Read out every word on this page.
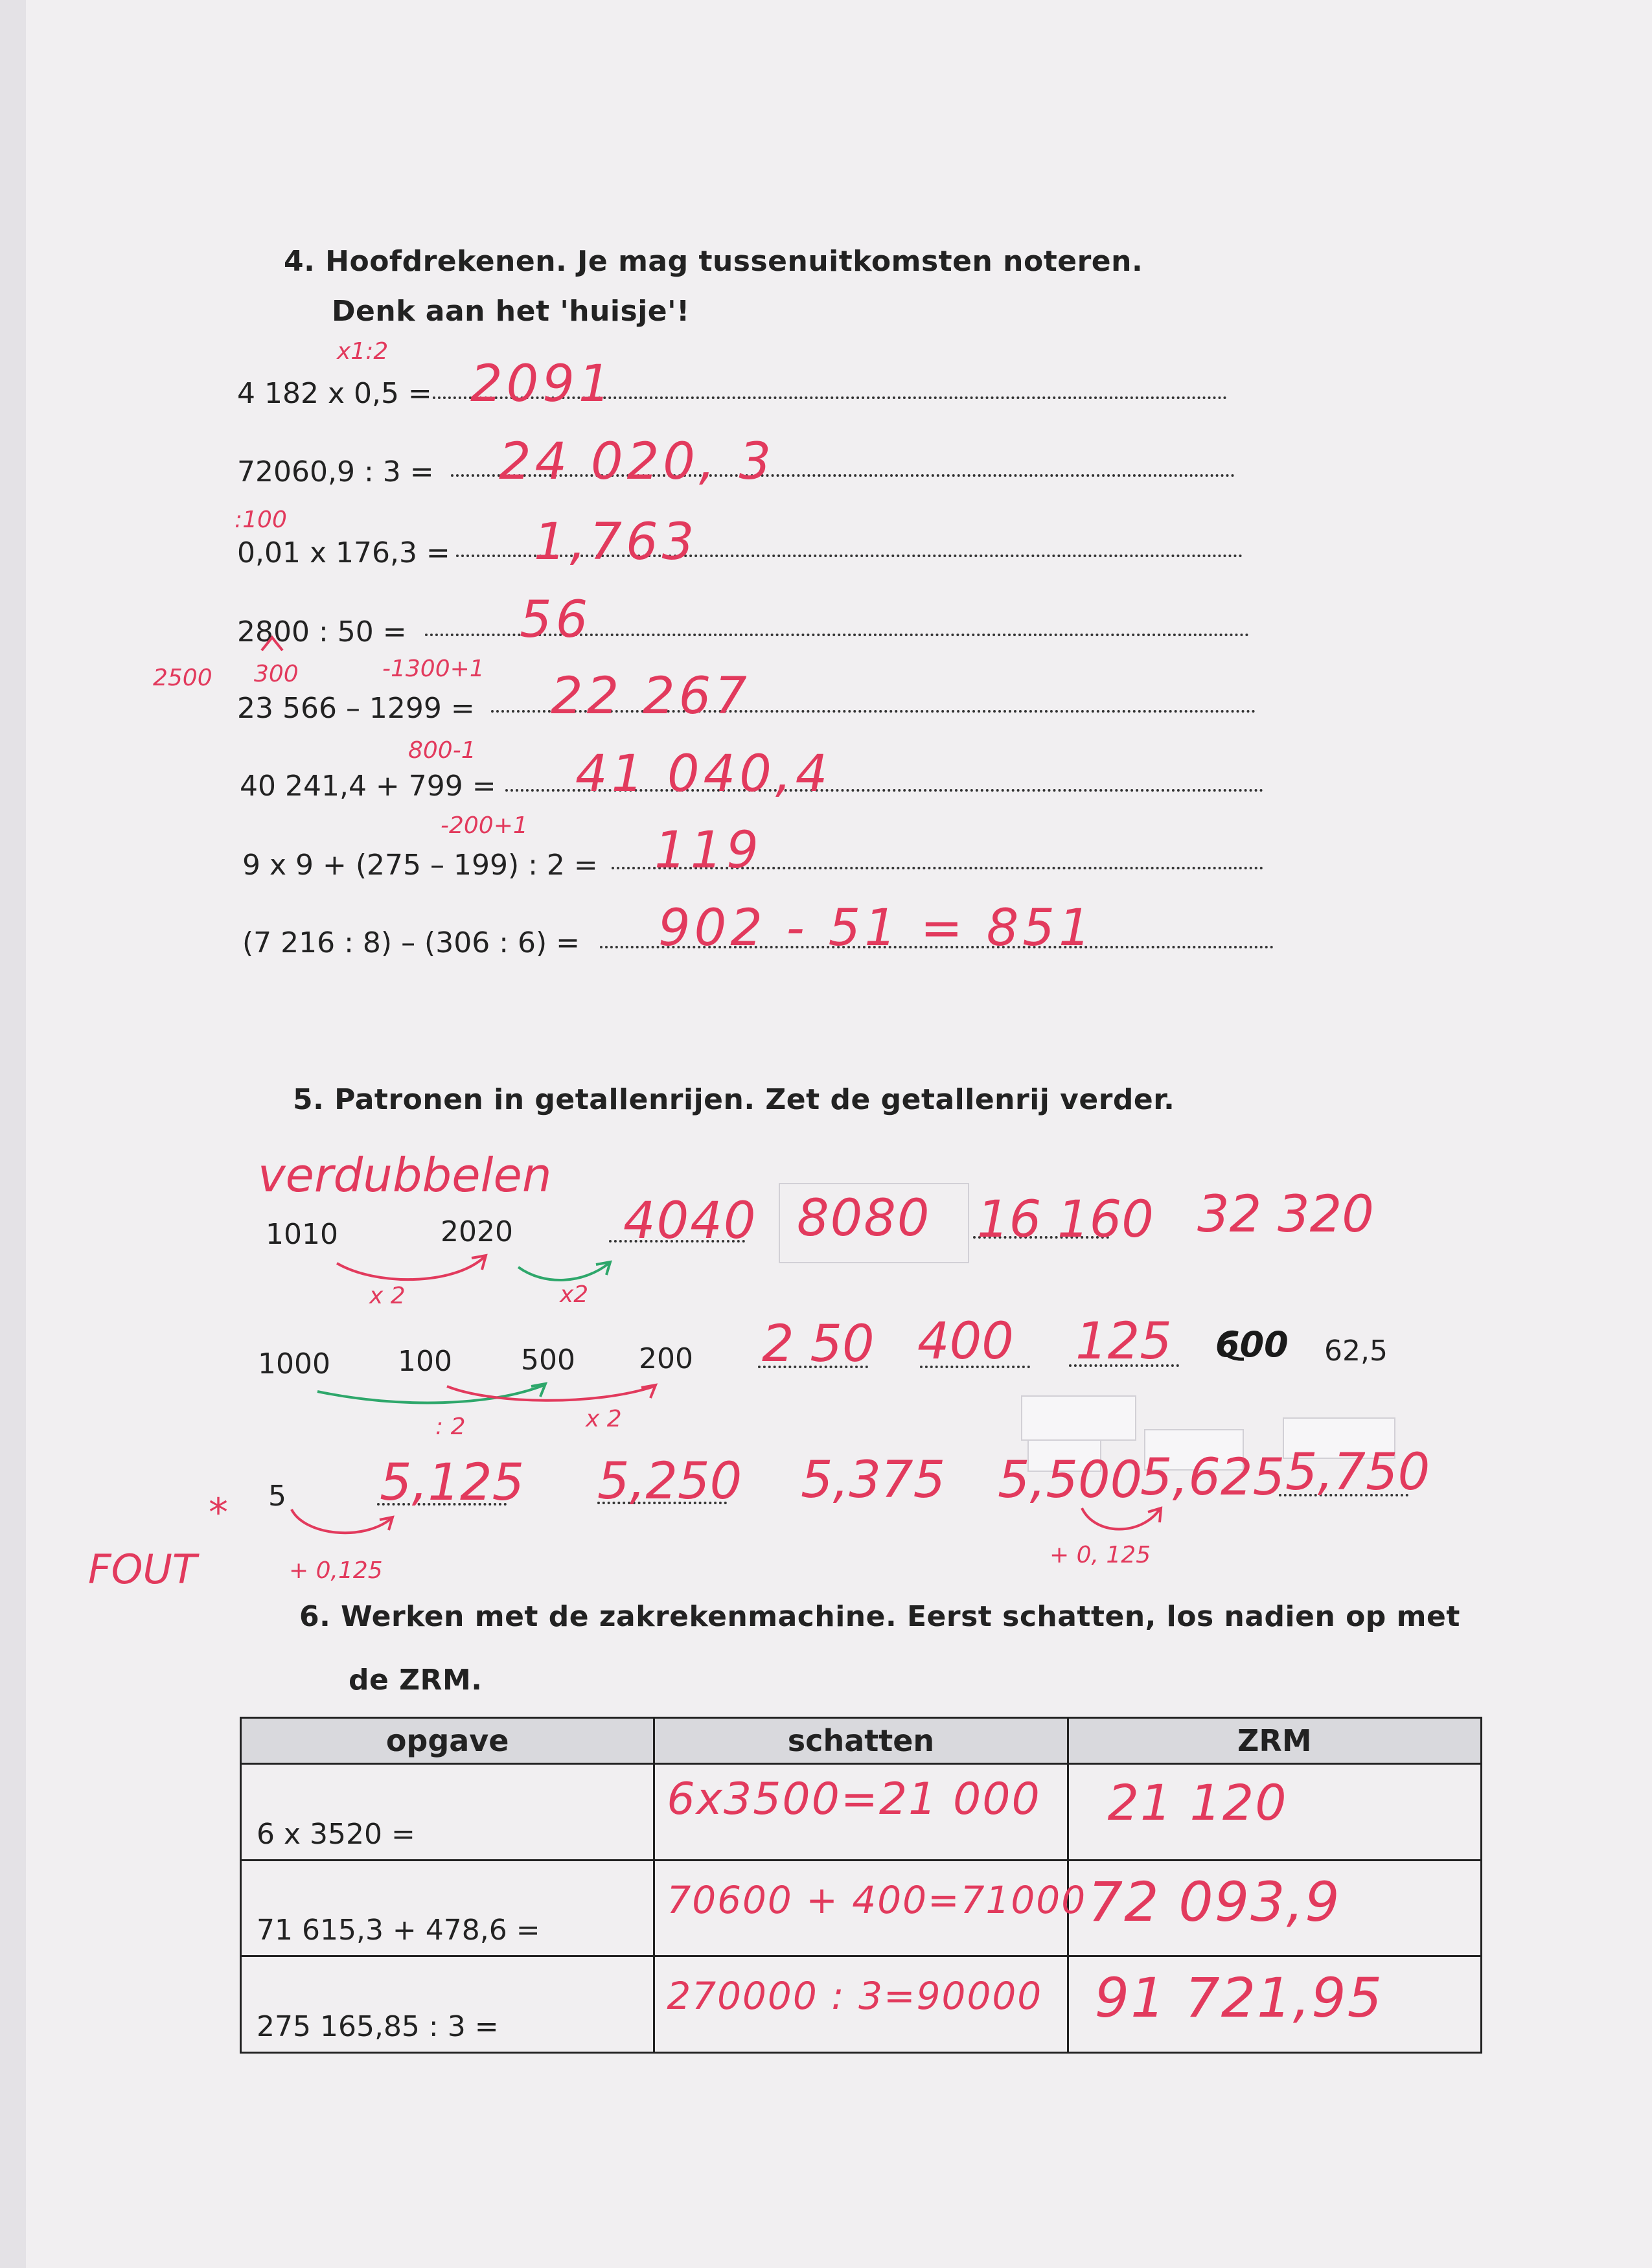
4. Hoofdrekenen. Je mag tussenuitkomsten noteren.
Denk aan het 'huisje'!
x1:2
4 182 x 0,5 = 2091
72060,9 : 3 = 24 020, 3
:100
0,01 x 176,3 = 1,763
2800 : 50 = 56
2500 300	-1300+1
23 566 – 1299 = 22 267
800-1
40 241,4 + 799 = 41 040,4
-200+1
9 x 9 + (275 – 199) : 2 = 119
(7 216 : 8) – (306 : 6) = 902 - 51 = 851
5. Patronen in getallenrijen. Zet de getallenrij verder.
verdubbelen
1010	2020 4040 8080 16 160 32 320
x 2	x2
1000 100 500 200 2 50 400 125 600 62,5
: 2	x 2
*
FOUT
5 5,125 5,250 5,375 5,500
5,625 5,750
+ 0,125
+ 0, 125
6. Werken met de zakrekenmachine. Eerst schatten, los nadien op met
de ZRM.
opgave	schatten	ZRM

6 x 3520 =	6x3500=21 000	21 120

71 615,3 + 478,6 =	70600 + 400=71000	72 093,9

275 165,85 : 3 =	270000 : 3=90000	91 721,95
